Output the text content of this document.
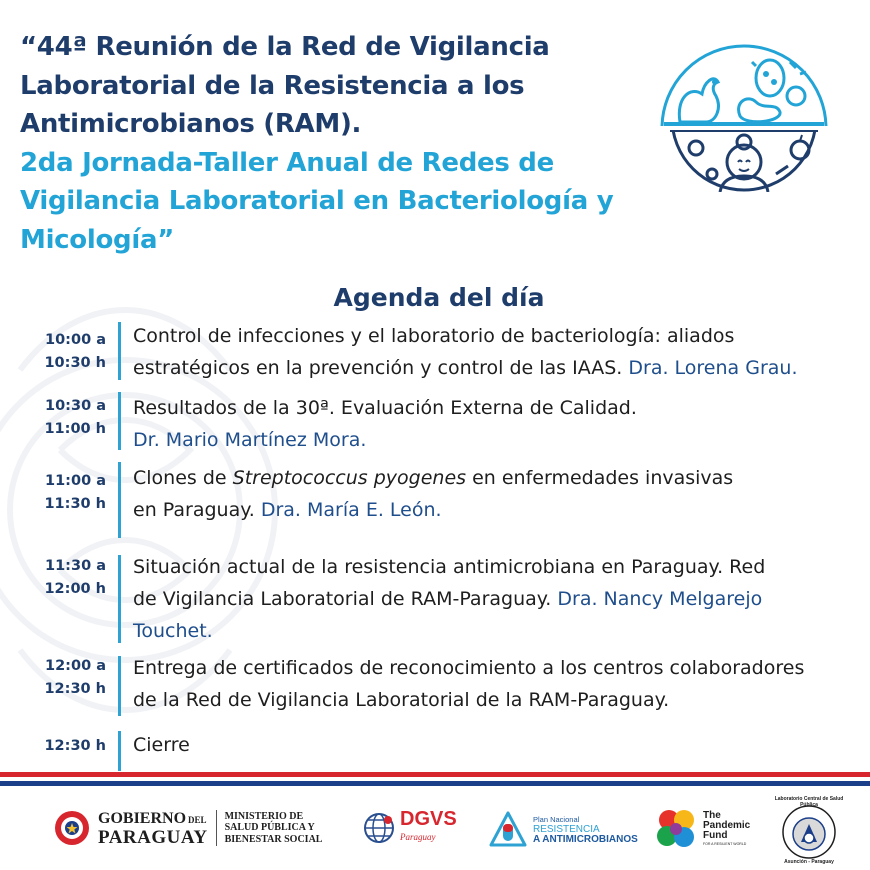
“44ª Reunión de la Red de Vigilancia
Laboratorial de la Resistencia a los
Antimicrobianos (RAM).
2da Jornada-Taller Anual de Redes de
Vigilancia Laboratorial en Bacteriología y
Micología”
Agenda del día
10:00 a
10:30 h
Control de infecciones y el laboratorio de bacteriología: aliados
estratégicos en la prevención y control de las IAAS. Dra. Lorena Grau.
10:30 a
11:00 h
Resultados de la 30ª. Evaluación Externa de Calidad.
Dr. Mario Martínez Mora.
11:00 a
11:30 h
Clones de Streptococcus pyogenes en enfermedades invasivas
en Paraguay. Dra. María E. León.
11:30 a
12:00 h
Situación actual de la resistencia antimicrobiana en Paraguay. Red
de Vigilancia Laboratorial de RAM-Paraguay. Dra. Nancy Melgarejo
Touchet.
12:00 a
12:30 h
Entrega de certificados de reconocimiento a los centros colaboradores
de la Red de Vigilancia Laboratorial de la RAM-Paraguay.
12:30 h Cierre
GOBIERNO DEL
PARAGUAY
MINISTERIO DE
SALUD PÚBLICA Y
BIENESTAR SOCIAL
DGVS
Paraguay
Plan Nacional
RESISTENCIA
A ANTIMICROBIANOS
The
Pandemic
Fund
FOR A RESILIENT WORLD
Laboratorio Central de Salud Pública
Asunción - Paraguay
